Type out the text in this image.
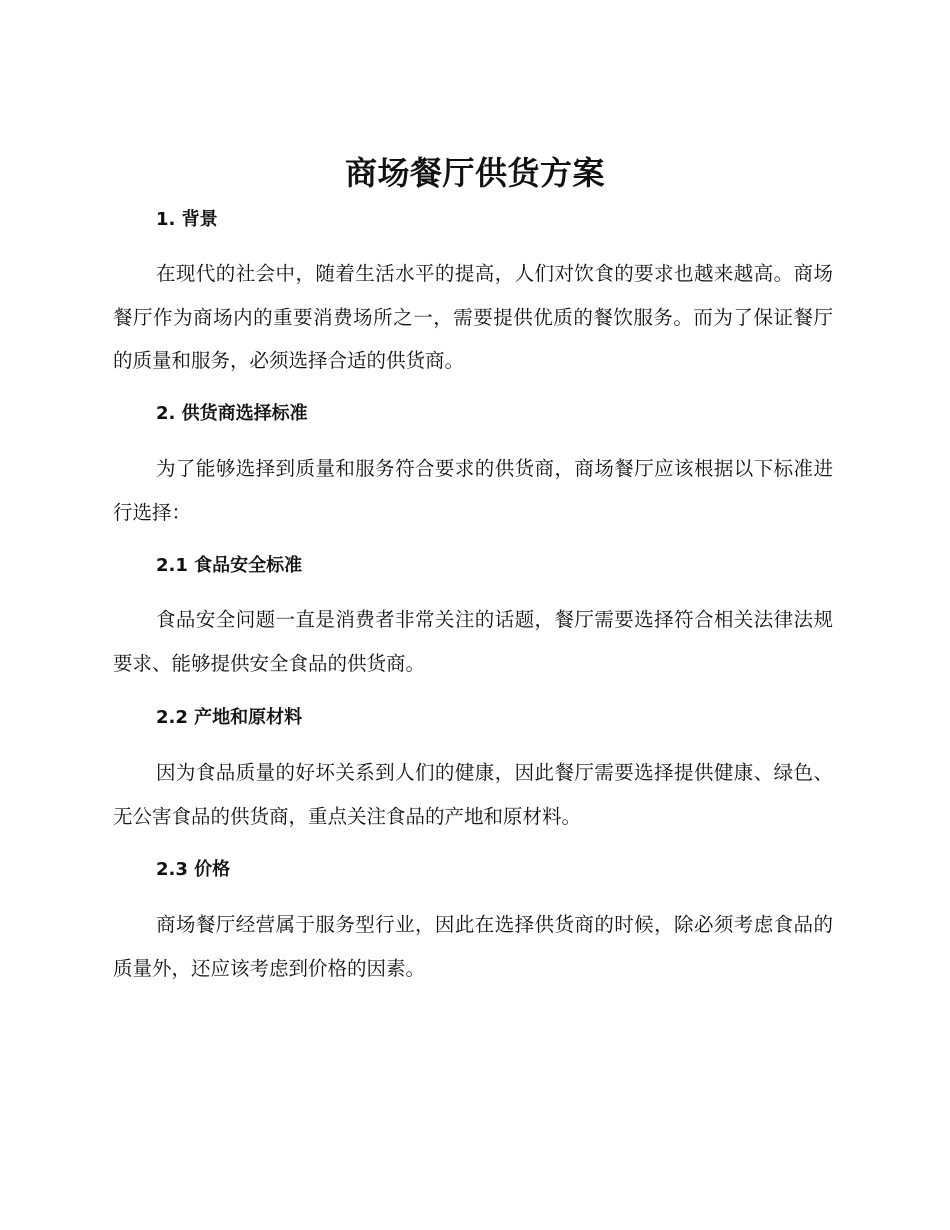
商场餐厅供货方案
1. 背景

在现代的社会中，随着生活水平的提高，人们对饮食的要求也越来越高。商场餐厅作为商场内的重要消费场所之一，需要提供优质的餐饮服务。而为了保证餐厅的质量和服务，必须选择合适的供货商。

2. 供货商选择标准

为了能够选择到质量和服务符合要求的供货商，商场餐厅应该根据以下标准进行选择：

2.1 食品安全标准

食品安全问题一直是消费者非常关注的话题，餐厅需要选择符合相关法律法规要求、能够提供安全食品的供货商。

2.2 产地和原材料

因为食品质量的好坏关系到人们的健康，因此餐厅需要选择提供健康、绿色、无公害食品的供货商，重点关注食品的产地和原材料。

2.3 价格

商场餐厅经营属于服务型行业，因此在选择供货商的时候，除必须考虑食品的质量外，还应该考虑到价格的因素。
